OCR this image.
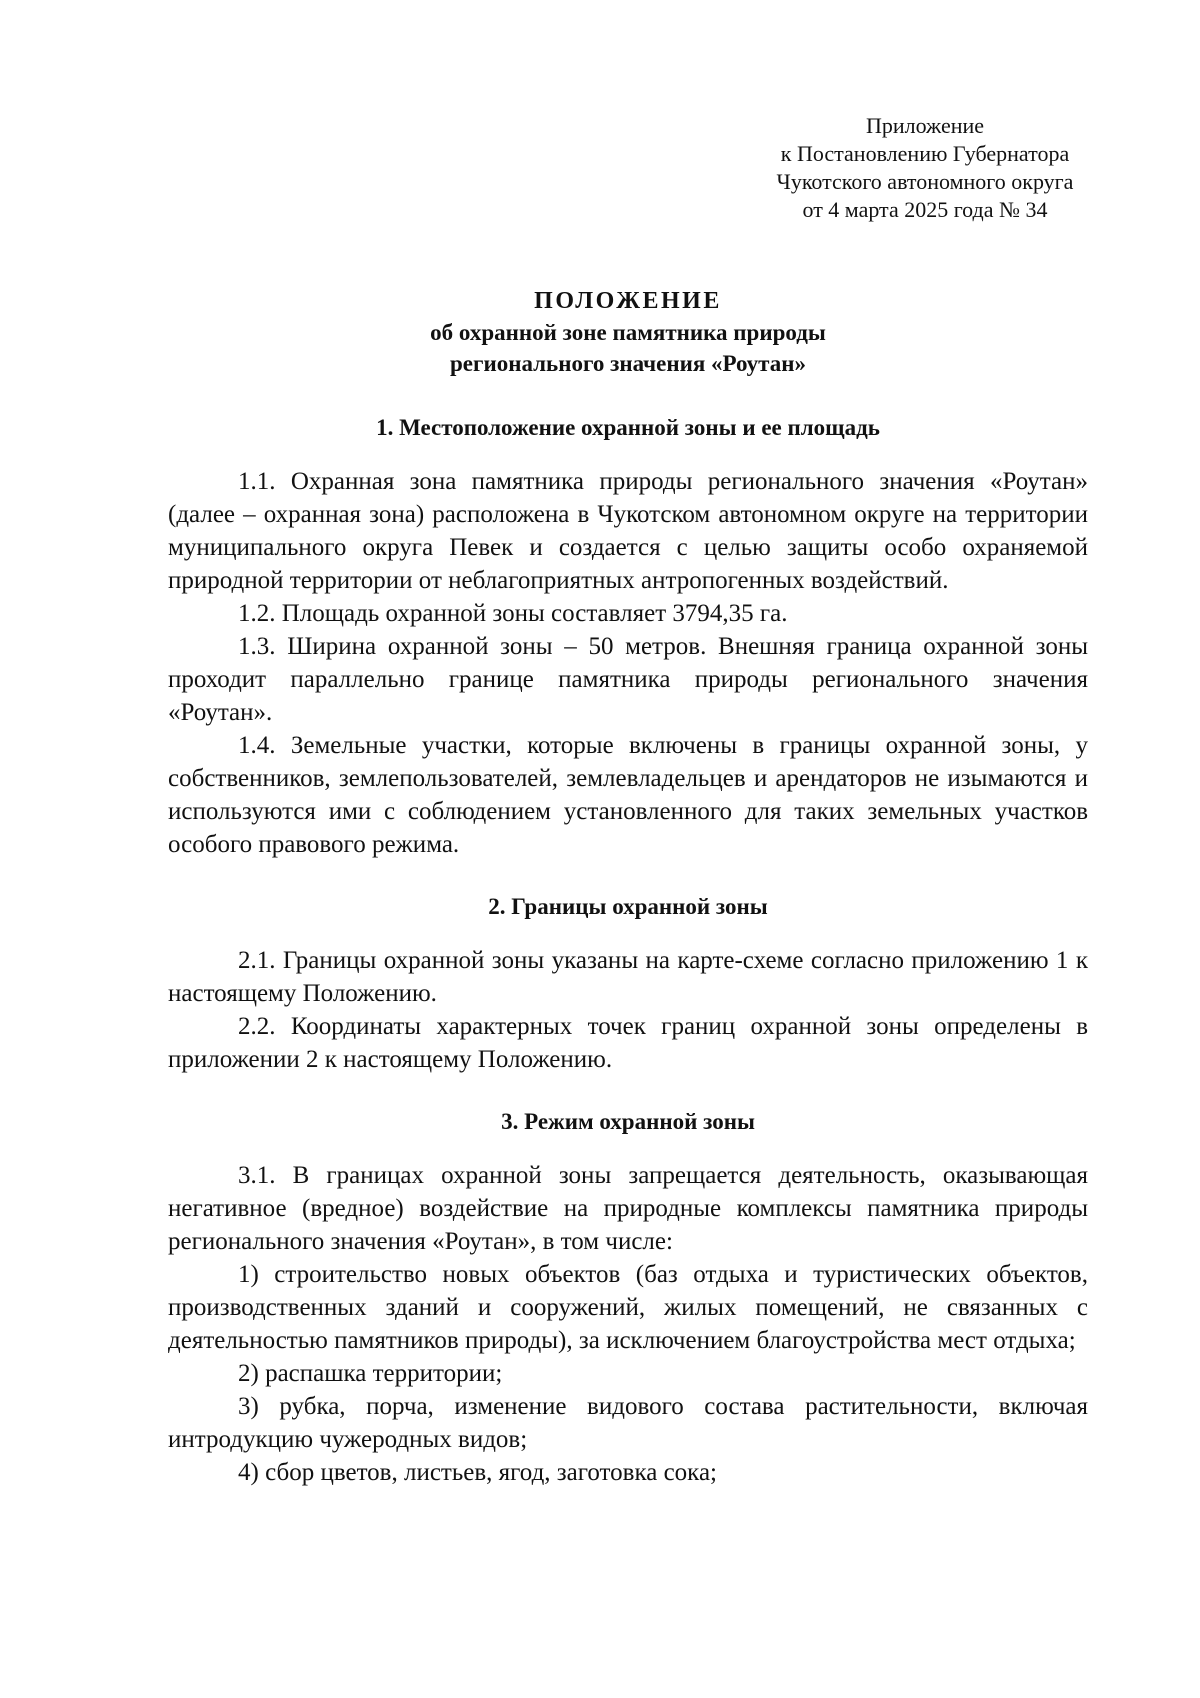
Приложение
к Постановлению Губернатора
Чукотского автономного округа
от 4 марта 2025 года № 34
ПОЛОЖЕНИЕ
об охранной зоне памятника природы
регионального значения «Роутан»
1. Местоположение охранной зоны и ее площадь

1.1. Охранная зона памятника природы регионального значения «Роутан» (далее – охранная зона) расположена в Чукотском автономном округе на территории муниципального округа Певек и создается с целью защиты особо охраняемой природной территории от неблагоприятных антропогенных воздействий.

1.2. Площадь охранной зоны составляет 3794,35 га.

1.3. Ширина охранной зоны – 50 метров. Внешняя граница охранной зоны проходит параллельно границе памятника природы регионального значения «Роутан».

1.4. Земельные участки, которые включены в границы охранной зоны, у собственников, землепользователей, землевладельцев и арендаторов не изымаются и используются ими с соблюдением установленного для таких земельных участков особого правового режима.

2. Границы охранной зоны

2.1. Границы охранной зоны указаны на карте-схеме согласно приложению 1 к настоящему Положению.

2.2. Координаты характерных точек границ охранной зоны определены в приложении 2 к настоящему Положению.

3. Режим охранной зоны

3.1. В границах охранной зоны запрещается деятельность, оказывающая негативное (вредное) воздействие на природные комплексы памятника природы регионального значения «Роутан», в том числе:

1) строительство новых объектов (баз отдыха и туристических объектов, производственных зданий и сооружений, жилых помещений, не связанных с деятельностью памятников природы), за исключением благоустройства мест отдыха;

2) распашка территории;

3) рубка, порча, изменение видового состава растительности, включая интродукцию чужеродных видов;

4) сбор цветов, листьев, ягод, заготовка сока;
